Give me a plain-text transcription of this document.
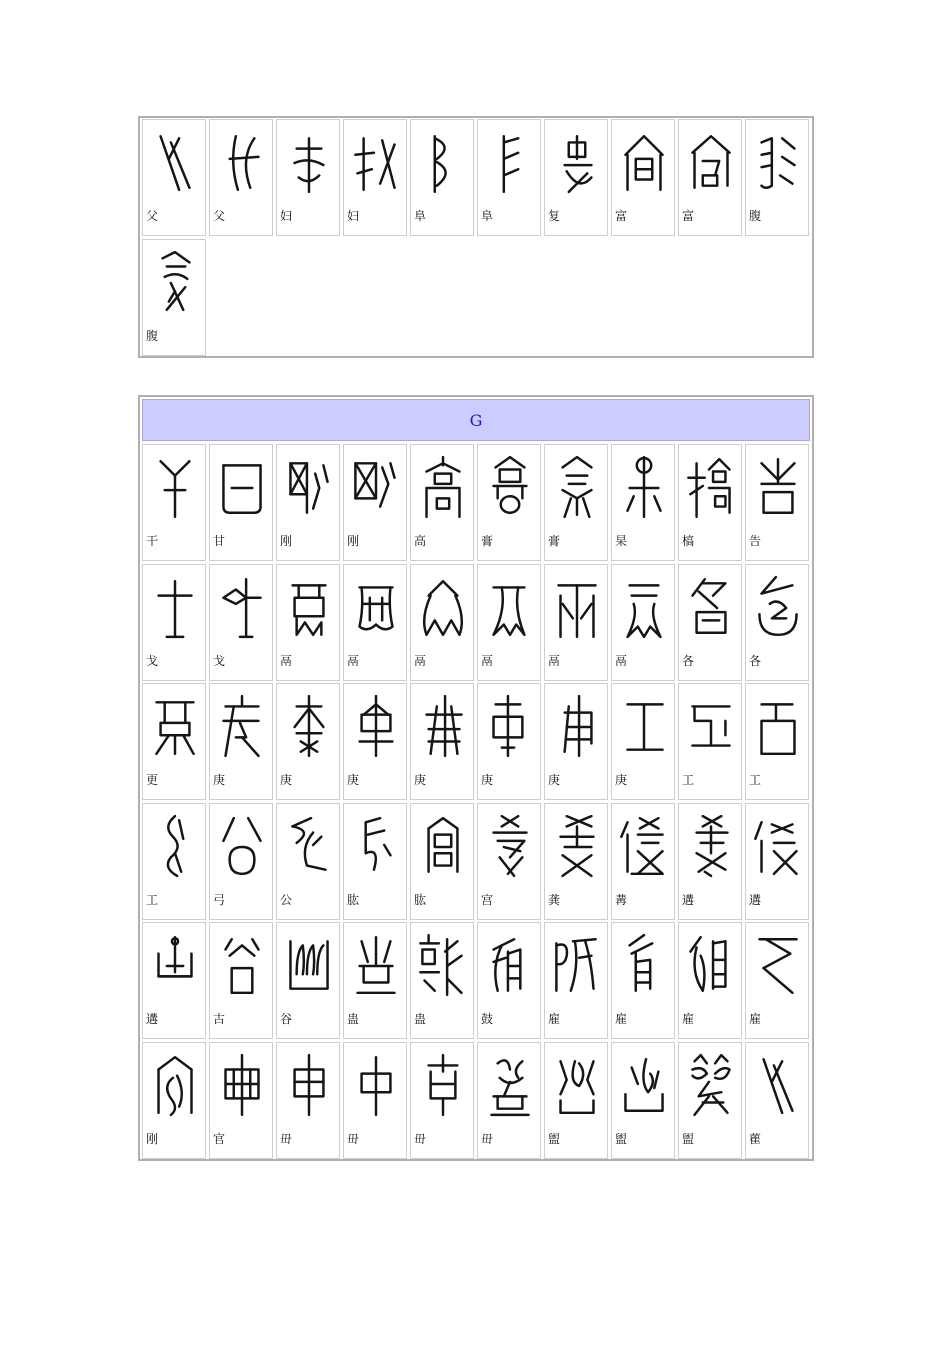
父	父	妇	妇	阜	阜	复	富	富	腹
腹
G
干	甘	刚	刚	高	膏	膏	杲	槁	告
戈	戈	鬲	鬲	鬲	鬲	鬲	鬲	各	各
更	庚	庚	庚	庚	庚	庚	庚	工	工
工	弓	公	肱	肱	宫	龚	冓	遘	遘
遘	古	谷	蛊	蛊	鼓	雇	雇	雇	雇
刚	官	毌	毌	毌	毌	盥	盥	盥	雚
